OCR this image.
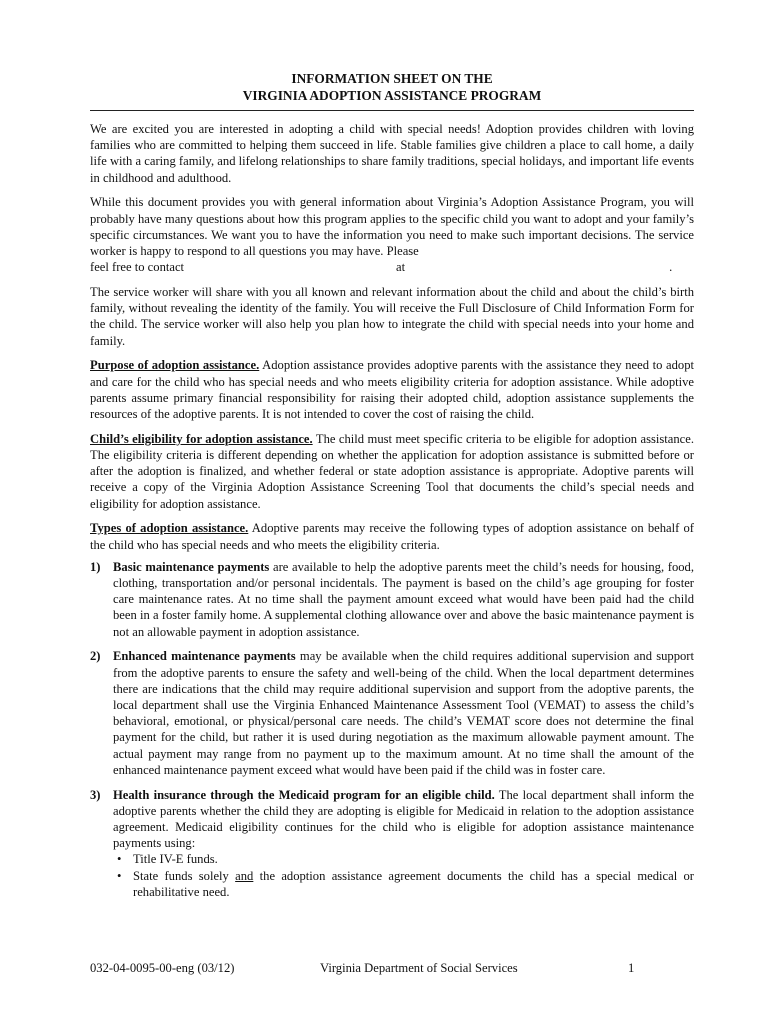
INFORMATION SHEET ON THE
VIRGINIA ADOPTION ASSISTANCE PROGRAM

We are excited you are interested in adopting a child with special needs! Adoption provides children with loving families who are committed to helping them succeed in life. Stable families give children a place to call home, a daily life with a caring family, and lifelong relationships to share family traditions, special holidays, and important life events in childhood and adulthood.

While this document provides you with general information about Virginia’s Adoption Assistance Program, you will probably have many questions about how this program applies to the specific child you want to adopt and your family’s specific circumstances. We want you to have the information you need to make such important decisions. The service worker is happy to respond to all questions you may have. Please
feel free to contact	at	.

The service worker will share with you all known and relevant information about the child and about the child’s birth family, without revealing the identity of the family. You will receive the Full Disclosure of Child Information Form for the child. The service worker will also help you plan how to integrate the child with special needs into your home and family.

Purpose of adoption assistance. Adoption assistance provides adoptive parents with the assistance they need to adopt and care for the child who has special needs and who meets eligibility criteria for adoption assistance. While adoptive parents assume primary financial responsibility for raising their adopted child, adoption assistance supplements the resources of the adoptive parents. It is not intended to cover the cost of raising the child.

Child’s eligibility for adoption assistance. The child must meet specific criteria to be eligible for adoption assistance. The eligibility criteria is different depending on whether the application for adoption assistance is submitted before or after the adoption is finalized, and whether federal or state adoption assistance is appropriate. Adoptive parents will receive a copy of the Virginia Adoption Assistance Screening Tool that documents the child’s special needs and eligibility for adoption assistance.

Types of adoption assistance. Adoptive parents may receive the following types of adoption assistance on behalf of the child who has special needs and who meets the eligibility criteria.

1) Basic maintenance payments are available to help the adoptive parents meet the child’s needs for housing, food, clothing, transportation and/or personal incidentals. The payment is based on the child’s age grouping for foster care maintenance rates. At no time shall the payment amount exceed what would have been paid had the child been in a foster family home. A supplemental clothing allowance over and above the basic maintenance payment is not an allowable payment in adoption assistance.
2) Enhanced maintenance payments may be available when the child requires additional supervision and support from the adoptive parents to ensure the safety and well-being of the child. When the local department determines there are indications that the child may require additional supervision and support from the adoptive parents, the local department shall use the Virginia Enhanced Maintenance Assessment Tool (VEMAT) to assess the child’s behavioral, emotional, or physical/personal care needs. The child’s VEMAT score does not determine the final payment for the child, but rather it is used during negotiation as the maximum allowable payment amount. The actual payment may range from no payment up to the maximum amount. At no time shall the amount of the enhanced maintenance payment exceed what would have been paid if the child was in foster care.
3) Health insurance through the Medicaid program for an eligible child. The local department shall inform the adoptive parents whether the child they are adopting is eligible for Medicaid in relation to the adoption assistance agreement. Medicaid eligibility continues for the child who is eligible for adoption assistance maintenance payments using:
• Title IV-E funds.
• State funds solely and the adoption assistance agreement documents the child has a special medical or rehabilitative need.
032-04-0095-00-eng (03/12)	Virginia Department of Social Services	1
